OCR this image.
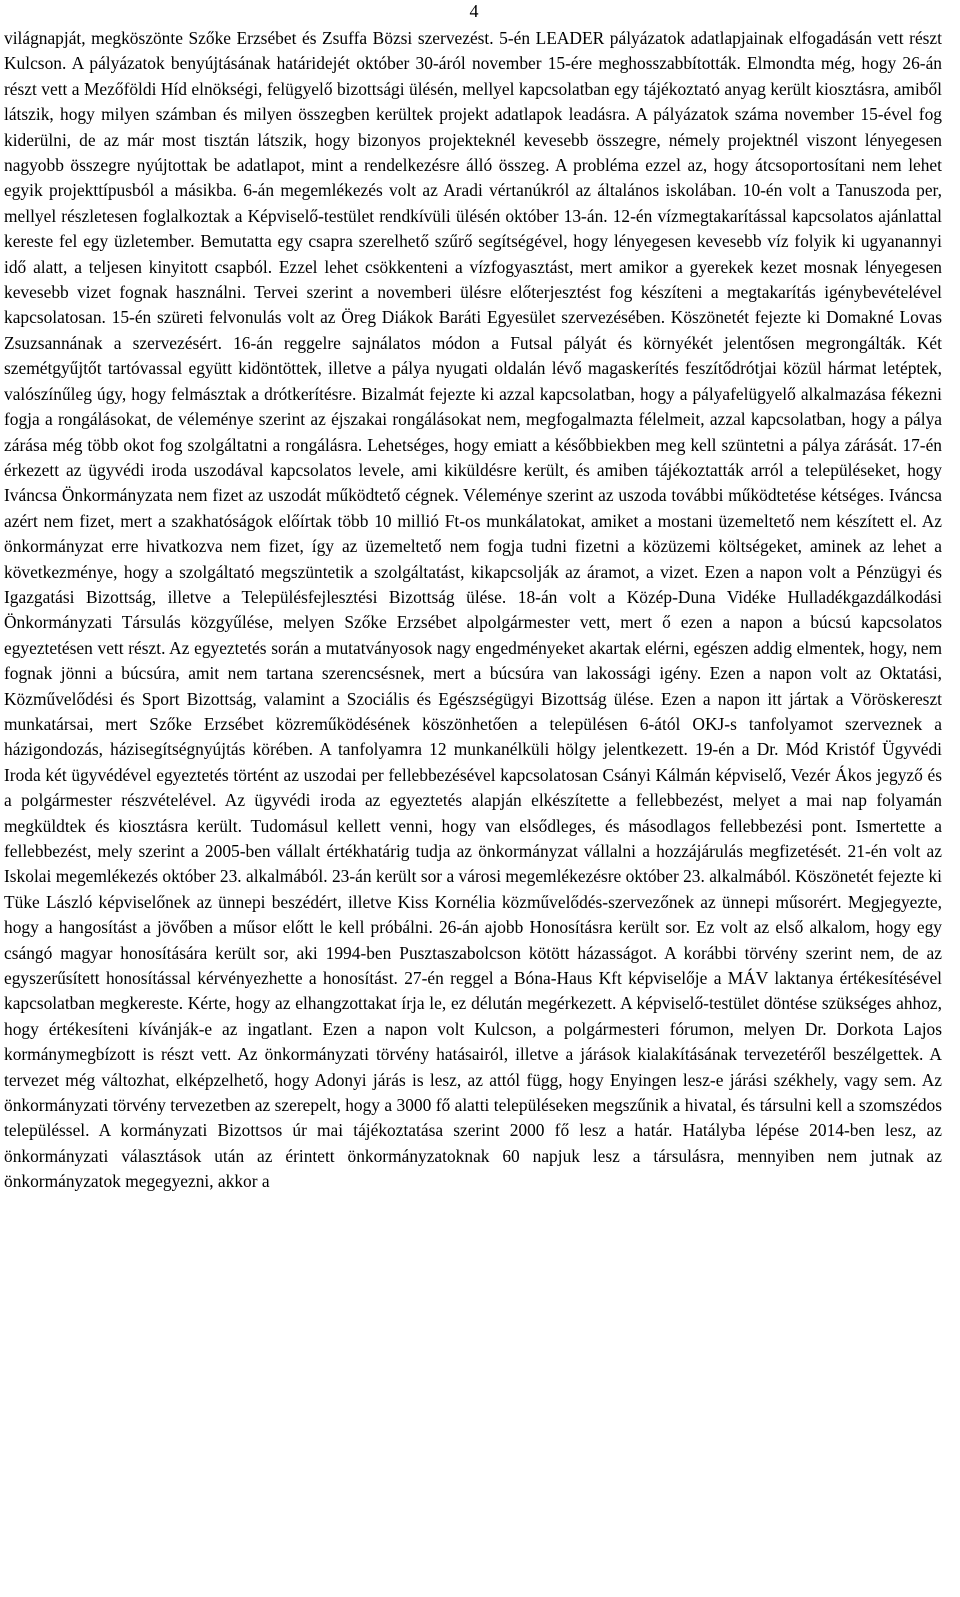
4

világnapját, megköszönte Szőke Erzsébet és Zsuffa Bözsi szervezést. 5-én LEADER pályázatok adatlapjainak elfogadásán vett részt Kulcson. A pályázatok benyújtásának határidejét október 30-áról november 15-ére meghosszabbították. Elmondta még, hogy 26-án részt vett a Mezőföldi Híd elnökségi, felügyelő bizottsági ülésén, mellyel kapcsolatban egy tájékoztató anyag került kiosztásra, amiből látszik, hogy milyen számban és milyen összegben kerültek projekt adatlapok leadásra. A pályázatok száma november 15-ével fog kiderülni, de az már most tisztán látszik, hogy bizonyos projekteknél kevesebb összegre, némely projektnél viszont lényegesen nagyobb összegre nyújtottak be adatlapot, mint a rendelkezésre álló összeg. A probléma ezzel az, hogy átcsoportosítani nem lehet egyik projekttípusból a másikba. 6-án megemlékezés volt az Aradi vértanúkról az általános iskolában. 10-én volt a Tanuszoda per, mellyel részletesen foglalkoztak a Képviselő-testület rendkívüli ülésén október 13-án. 12-én vízmegtakarítással kapcsolatos ajánlattal kereste fel egy üzletember. Bemutatta egy csapra szerelhető szűrő segítségével, hogy lényegesen kevesebb víz folyik ki ugyanannyi idő alatt, a teljesen kinyitott csapból. Ezzel lehet csökkenteni a vízfogyasztást, mert amikor a gyerekek kezet mosnak lényegesen kevesebb vizet fognak használni. Tervei szerint a novemberi ülésre előterjesztést fog készíteni a megtakarítás igénybevételével kapcsolatosan. 15-én szüreti felvonulás volt az Öreg Diákok Baráti Egyesület szervezésében. Köszönetét fejezte ki Domakné Lovas Zsuzsannának a szervezésért. 16-án reggelre sajnálatos módon a Futsal pályát és környékét jelentősen megrongálták. Két szemétgyűjtőt tartóvassal együtt kidöntöttek, illetve a pálya nyugati oldalán lévő magaskerítés feszítődrótjai közül hármat letéptek, valószínűleg úgy, hogy felmásztak a drótkerítésre. Bizalmát fejezte ki azzal kapcsolatban, hogy a pályafelügyelő alkalmazása fékezni fogja a rongálásokat, de véleménye szerint az éjszakai rongálásokat nem, megfogalmazta félelmeit, azzal kapcsolatban, hogy a pálya zárása még több okot fog szolgáltatni a rongálásra. Lehetséges, hogy emiatt a későbbiekben meg kell szüntetni a pálya zárását. 17-én érkezett az ügyvédi iroda uszodával kapcsolatos levele, ami kiküldésre került, és amiben tájékoztatták arról a településeket, hogy Iváncsa Önkormányzata nem fizet az uszodát működtető cégnek. Véleménye szerint az uszoda további működtetése kétséges. Iváncsa azért nem fizet, mert a szakhatóságok előírtak több 10 millió Ft-os munkálatokat, amiket a mostani üzemeltető nem készített el. Az önkormányzat erre hivatkozva nem fizet, így az üzemeltető nem fogja tudni fizetni a közüzemi költségeket, aminek az lehet a következménye, hogy a szolgáltató megszüntetik a szolgáltatást, kikapcsolják az áramot, a vizet. Ezen a napon volt a Pénzügyi és Igazgatási Bizottság, illetve a Településfejlesztési Bizottság ülése. 18-án volt a Közép-Duna Vidéke Hulladékgazdálkodási Önkormányzati Társulás közgyűlése, melyen Szőke Erzsébet alpolgármester vett, mert ő ezen a napon a búcsú kapcsolatos egyeztetésen vett részt. Az egyeztetés során a mutatványosok nagy engedményeket akartak elérni, egészen addig elmentek, hogy, nem fognak jönni a búcsúra, amit nem tartana szerencsésnek, mert a búcsúra van lakossági igény. Ezen a napon volt az Oktatási, Közművelődési és Sport Bizottság, valamint a Szociális és Egészségügyi Bizottság ülése. Ezen a napon itt jártak a Vöröskereszt munkatársai, mert Szőke Erzsébet közreműködésének köszönhetően a településen 6-ától OKJ-s tanfolyamot szerveznek a házigondozás, házisegítségnyújtás körében. A tanfolyamra 12 munkanélküli hölgy jelentkezett. 19-én a Dr. Mód Kristóf Ügyvédi Iroda két ügyvédével egyeztetés történt az uszodai per fellebbezésével kapcsolatosan Csányi Kálmán képviselő, Vezér Ákos jegyző és a polgármester részvételével. Az ügyvédi iroda az egyeztetés alapján elkészítette a fellebbezést, melyet a mai nap folyamán megküldtek és kiosztásra került. Tudomásul kellett venni, hogy van elsődleges, és másodlagos fellebbezési pont. Ismertette a fellebbezést, mely szerint a 2005-ben vállalt értékhatárig tudja az önkormányzat vállalni a hozzájárulás megfizetését. 21-én volt az Iskolai megemlékezés október 23. alkalmából. 23-án került sor a városi megemlékezésre október 23. alkalmából. Köszönetét fejezte ki Tüke László képviselőnek az ünnepi beszédért, illetve Kiss Kornélia közművelődés-szervezőnek az ünnepi műsorért. Megjegyezte, hogy a hangosítást a jövőben a műsor előtt le kell próbálni. 26-án ajobb Honosításra került sor. Ez volt az első alkalom, hogy egy csángó magyar honosítására került sor, aki 1994-ben Pusztaszabolcson kötött házasságot. A korábbi törvény szerint nem, de az egyszerűsített honosítással kérvényezhette a honosítást. 27-én reggel a Bóna-Haus Kft képviselője a MÁV laktanya értékesítésével kapcsolatban megkereste. Kérte, hogy az elhangzottakat írja le, ez délután megérkezett. A képviselő-testület döntése szükséges ahhoz, hogy értékesíteni kívánják-e az ingatlant. Ezen a napon volt Kulcson, a polgármesteri fórumon, melyen Dr. Dorkota Lajos kormánymegbízott is részt vett. Az önkormányzati törvény hatásairól, illetve a járások kialakításának tervezetéről beszélgettek. A tervezet még változhat, elképzelhető, hogy Adonyi járás is lesz, az attól függ, hogy Enyingen lesz-e járási székhely, vagy sem. Az önkormányzati törvény tervezetben az szerepelt, hogy a 3000 fő alatti településeken megszűnik a hivatal, és társulni kell a szomszédos településsel. A kormányzati Bizottsos úr mai tájékoztatása szerint 2000 fő lesz a határ. Hatályba lépése 2014-ben lesz, az önkormányzati választások után az érintett önkormányzatoknak 60 napjuk lesz a társulásra, mennyiben nem jutnak az önkormányzatok megegyezni, akkor a
